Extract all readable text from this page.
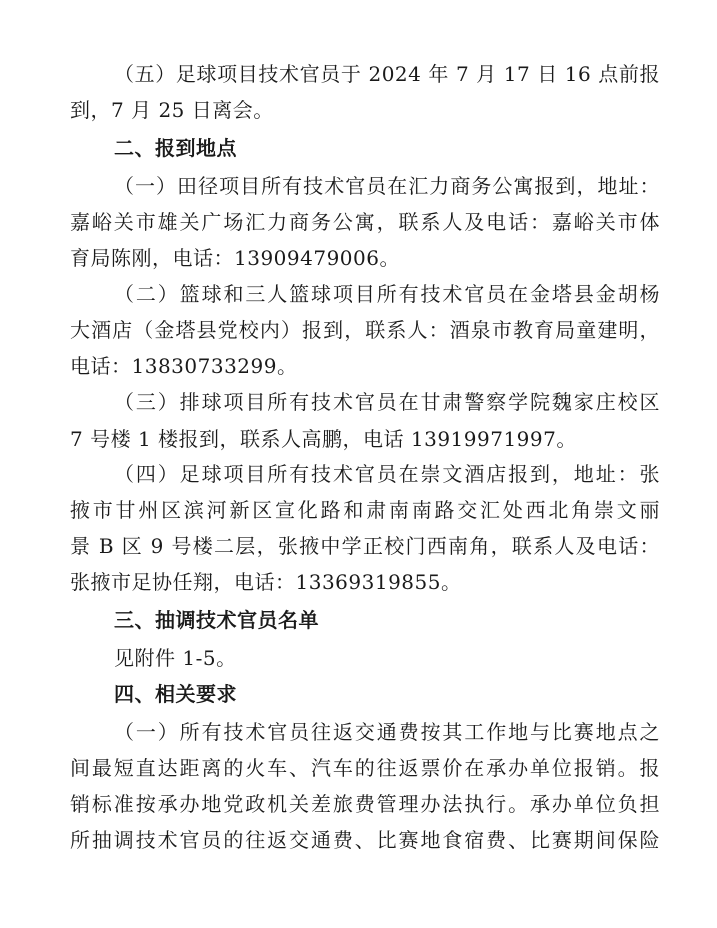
（五）足球项目技术官员于 2024 年 7 月 17 日 16 点前报
到，7 月 25 日离会。
二、报到地点
（一）田径项目所有技术官员在汇力商务公寓报到，地址：
嘉峪关市雄关广场汇力商务公寓，联系人及电话：嘉峪关市体
育局陈刚，电话：13909479006。
（二）篮球和三人篮球项目所有技术官员在金塔县金胡杨
大酒店（金塔县党校内）报到，联系人：酒泉市教育局童建明，
电话：13830733299。
（三）排球项目所有技术官员在甘肃警察学院魏家庄校区
7 号楼 1 楼报到，联系人高鹏，电话 13919971997。
（四）足球项目所有技术官员在崇文酒店报到，地址：张
掖市甘州区滨河新区宣化路和肃南南路交汇处西北角崇文丽
景 B 区 9 号楼二层，张掖中学正校门西南角，联系人及电话：
张掖市足协任翔，电话：13369319855。
三、抽调技术官员名单
见附件 1-5。
四、相关要求
（一）所有技术官员往返交通费按其工作地与比赛地点之
间最短直达距离的火车、汽车的往返票价在承办单位报销。报
销标准按承办地党政机关差旅费管理办法执行。承办单位负担
所抽调技术官员的往返交通费、比赛地食宿费、比赛期间保险
